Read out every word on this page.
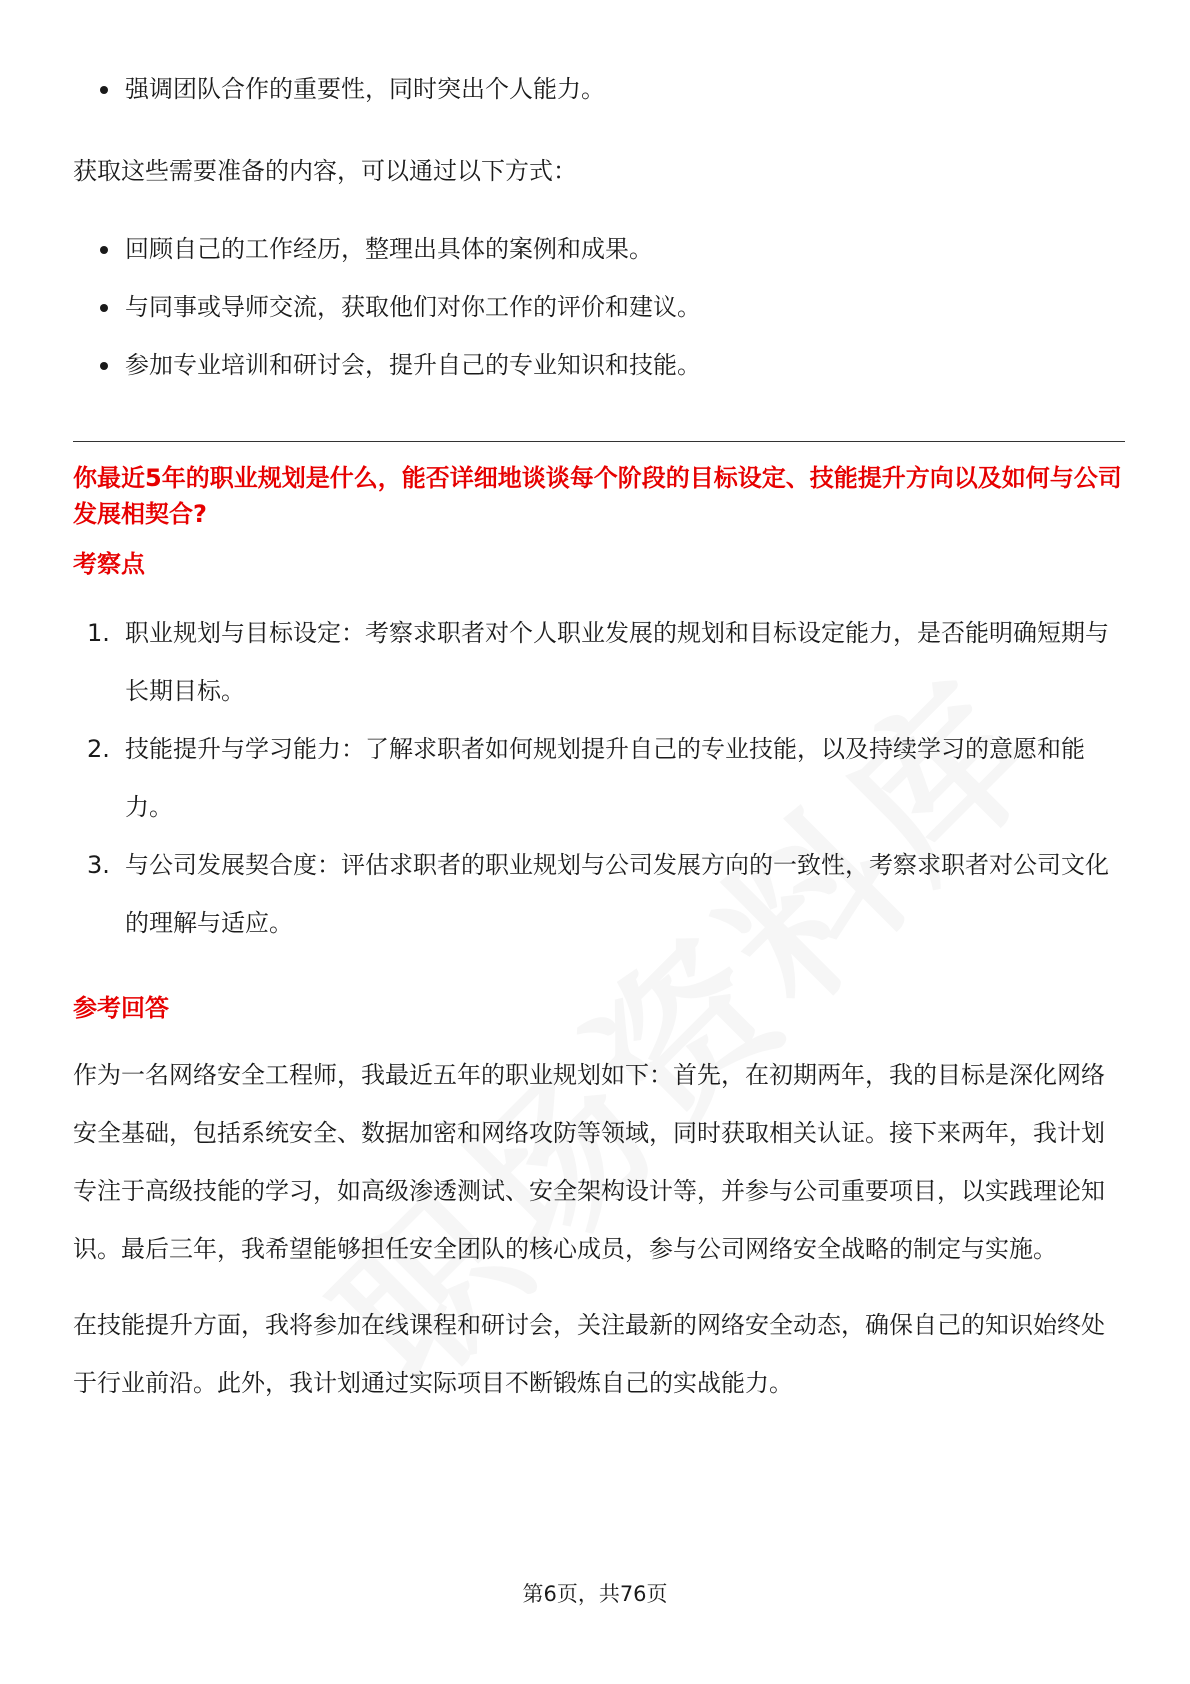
强调团队合作的重要性，同时突出个人能力。

获取这些需要准备的内容，可以通过以下方式：

回顾自己的工作经历，整理出具体的案例和成果。
与同事或导师交流，获取他们对你工作的评价和建议。
参加专业培训和研讨会，提升自己的专业知识和技能。

你最近5年的职业规划是什么，能否详细地谈谈每个阶段的目标设定、技能提升方向以及如何与公司发展相契合?

考察点

1. 职业规划与目标设定：考察求职者对个人职业发展的规划和目标设定能力，是否能明确短期与长期目标。
2. 技能提升与学习能力：了解求职者如何规划提升自己的专业技能，以及持续学习的意愿和能力。
3. 与公司发展契合度：评估求职者的职业规划与公司发展方向的一致性，考察求职者对公司文化的理解与适应。

参考回答

作为一名网络安全工程师，我最近五年的职业规划如下：首先，在初期两年，我的目标是深化网络安全基础，包括系统安全、数据加密和网络攻防等领域，同时获取相关认证。接下来两年，我计划专注于高级技能的学习，如高级渗透测试、安全架构设计等，并参与公司重要项目，以实践理论知识。最后三年，我希望能够担任安全团队的核心成员，参与公司网络安全战略的制定与实施。

在技能提升方面，我将参加在线课程和研讨会，关注最新的网络安全动态，确保自己的知识始终处于行业前沿。此外，我计划通过实际项目不断锻炼自己的实战能力。

第6页，共76页
